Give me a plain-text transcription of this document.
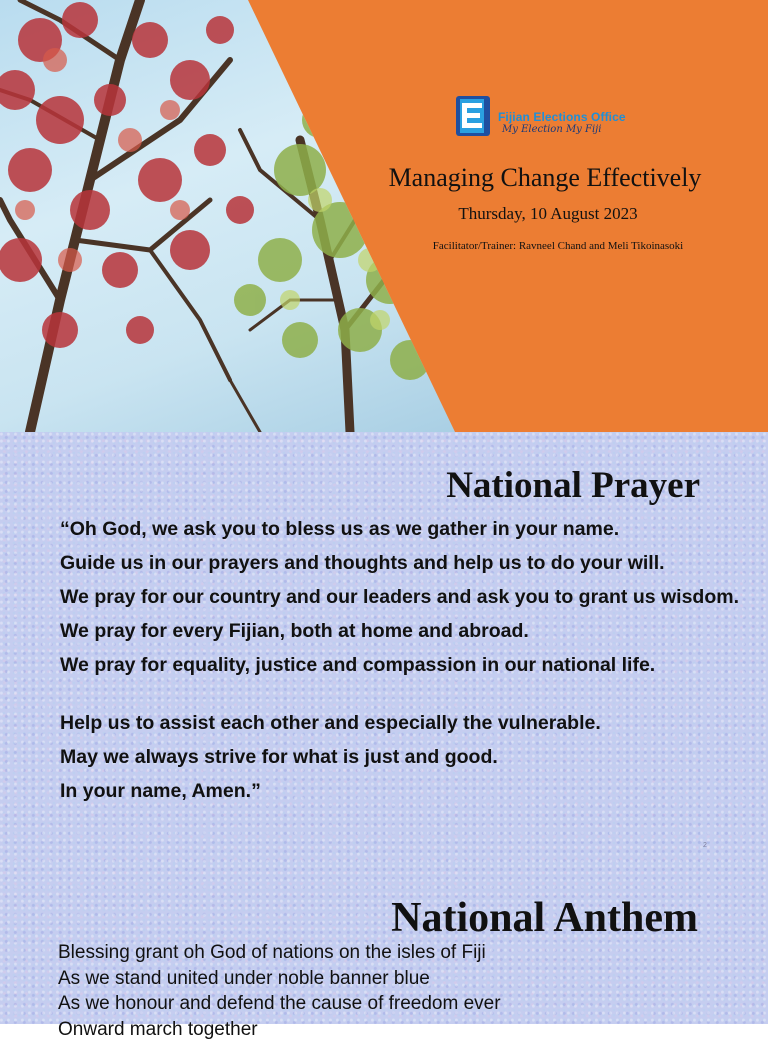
Fijian Elections Office
My Election My Fiji
Managing Change Effectively
Thursday, 10 August 2023
Facilitator/Trainer: Ravneel Chand and Meli Tikoinasoki
National Prayer

“Oh God, we ask you to bless us as we gather in your name.

Guide us in our prayers and thoughts and help us to do your will.

We pray for our country and our leaders and ask you to grant us wisdom.

We pray for every Fijian, both at home and abroad.

We pray for equality, justice and compassion in our national life.

Help us to assist each other and especially the vulnerable.

May we always strive for what is just and good.

In your name, Amen.”

2
National Anthem
Blessing grant oh God of nations on the isles of Fiji
As we stand united under noble banner blue
As we honour and defend the cause of freedom ever
Onward march together
